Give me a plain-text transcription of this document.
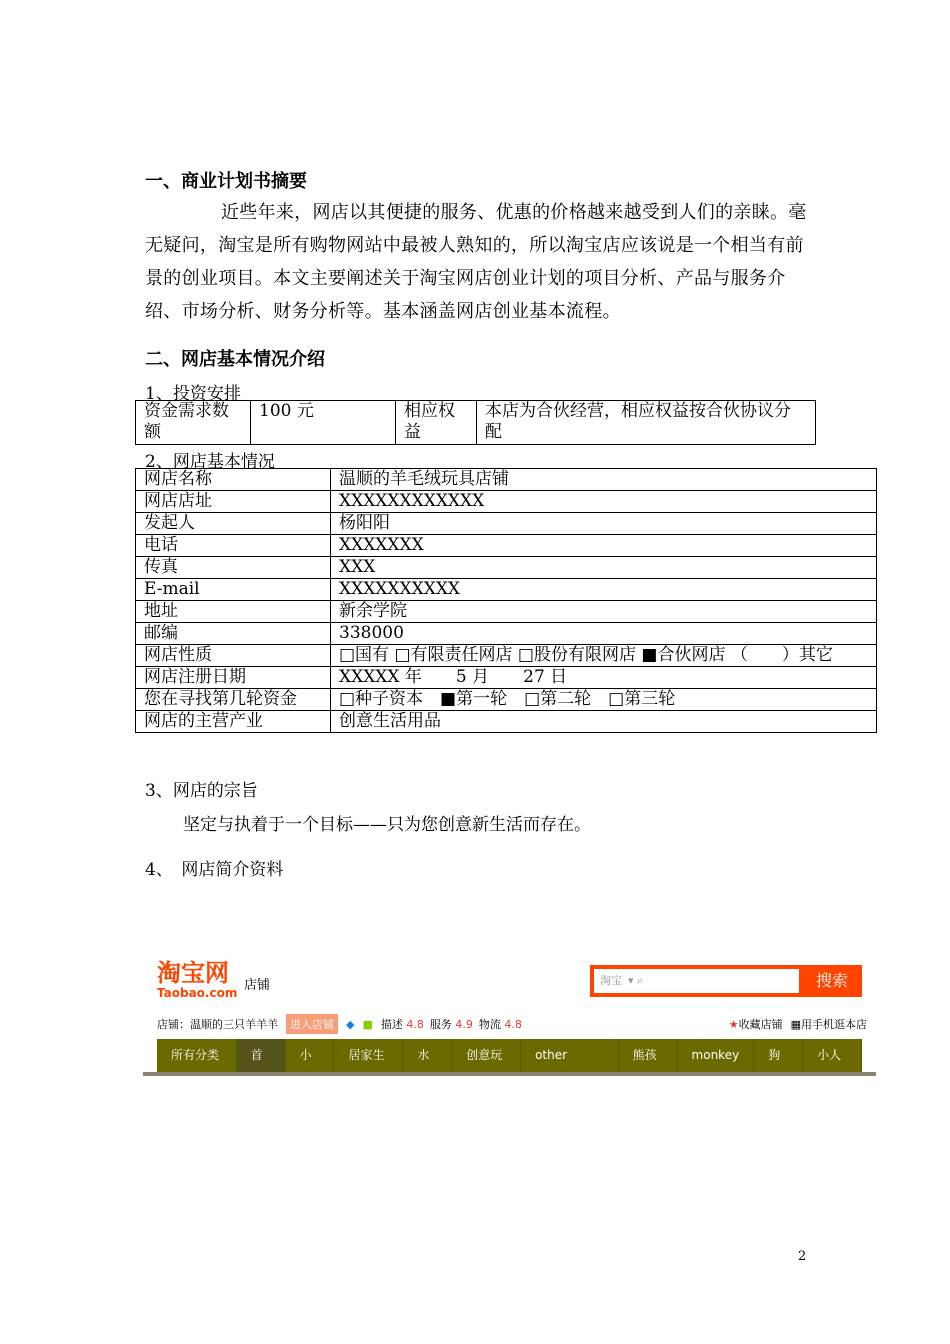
一、商业计划书摘要
近些年来，网店以其便捷的服务、优惠的价格越来越受到人们的亲睐。毫无疑问，淘宝是所有购物网站中最被人熟知的，所以淘宝店应该说是一个相当有前景的创业项目。本文主要阐述关于淘宝网店创业计划的项目分析、产品与服务介绍、市场分析、财务分析等。基本涵盖网店创业基本流程。
二、网店基本情况介绍
1、投资安排
资金需求数额	100 元	相应权益	本店为合伙经营，相应权益按合伙协议分配
2、网店基本情况
网店名称	温顺的羊毛绒玩具店铺
网店店址	XXXXXXXXXXXX
发起人	杨阳阳
电话	XXXXXXX
传真	XXX
E-mail	XXXXXXXXXX
地址	新余学院
邮编	338000
网店性质	□国有 □有限责任网店 □股份有限网店 ■合伙网店 （　　）其它
网店注册日期	XXXXX 年　　5 月　　27 日
您在寻找第几轮资金	□种子资本　■第一轮　□第二轮　□第三轮
网店的主营产业	创意生活用品
3、网店的宗旨
坚定与执着于一个目标——只为您创意新生活而存在。
4、　网店简介资料
淘宝网
Taobao.com 店铺	淘宝 ▾ ⌕	搜索
店铺：温顺的三只羊羊羊	进入店铺	◆ ■ 描述 4.8 服务 4.9 物流 4.8	★收藏店铺 ▦用手机逛本店
所有分类 ▼
首页
小猫
居家生活
水果
创意玩具
other animals
熊孩子
monkey	狗狗
小人儿
2
